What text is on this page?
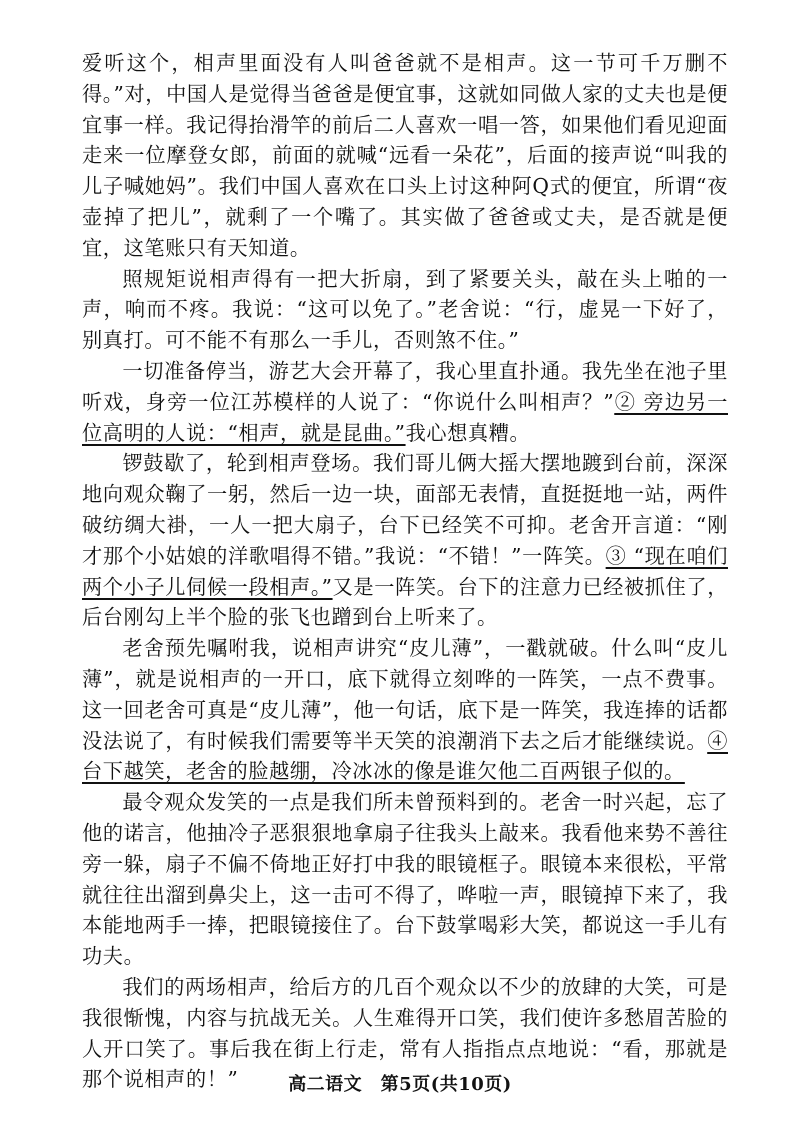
爱听这个，相声里面没有人叫爸爸就不是相声。这一节可千万删不得。”对，中国人是觉得当爸爸是便宜事，这就如同做人家的丈夫也是便宜事一样。我记得抬滑竿的前后二人喜欢一唱一答，如果他们看见迎面走来一位摩登女郎，前面的就喊“远看一朵花”，后面的接声说“叫我的儿子喊她妈”。我们中国人喜欢在口头上讨这种阿Q式的便宜，所谓“夜壶掉了把儿”，就剩了一个嘴了。其实做了爸爸或丈夫，是否就是便宜，这笔账只有天知道。

照规矩说相声得有一把大折扇，到了紧要关头，敲在头上啪的一声，响而不疼。我说：“这可以免了。”老舍说：“行，虚晃一下好了，别真打。可不能不有那么一手儿，否则煞不住。”

一切准备停当，游艺大会开幕了，我心里直扑通。我先坐在池子里听戏，身旁一位江苏模样的人说了：“你说什么叫相声？”② 旁边另一位高明的人说：“相声，就是昆曲。”我心想真糟。

锣鼓歇了，轮到相声登场。我们哥儿俩大摇大摆地踱到台前，深深地向观众鞠了一躬，然后一边一块，面部无表情，直挺挺地一站，两件破纺绸大褂，一人一把大扇子，台下已经笑不可抑。老舍开言道：“刚才那个小姑娘的洋歌唱得不错。”我说：“不错！”一阵笑。③ “现在咱们两个小子儿伺候一段相声。”又是一阵笑。台下的注意力已经被抓住了，后台刚勾上半个脸的张飞也蹭到台上听来了。

老舍预先嘱咐我，说相声讲究“皮儿薄”，一戳就破。什么叫“皮儿薄”，就是说相声的一开口，底下就得立刻哗的一阵笑，一点不费事。这一回老舍可真是“皮儿薄”，他一句话，底下是一阵笑，我连捧的话都没法说了，有时候我们需要等半天笑的浪潮消下去之后才能继续说。④ 台下越笑，老舍的脸越绷，冷冰冰的像是谁欠他二百两银子似的。

最令观众发笑的一点是我们所未曾预料到的。老舍一时兴起，忘了他的诺言，他抽冷子恶狠狠地拿扇子往我头上敲来。我看他来势不善往旁一躲，扇子不偏不倚地正好打中我的眼镜框子。眼镜本来很松，平常就往往出溜到鼻尖上，这一击可不得了，哗啦一声，眼镜掉下来了，我本能地两手一捧，把眼镜接住了。台下鼓掌喝彩大笑，都说这一手儿有功夫。

我们的两场相声，给后方的几百个观众以不少的放肆的大笑，可是我很惭愧，内容与抗战无关。人生难得开口笑，我们使许多愁眉苦脸的人开口笑了。事后我在街上行走，常有人指指点点地说：“看，那就是那个说相声的！”	高二语文　第5页(共10页)
